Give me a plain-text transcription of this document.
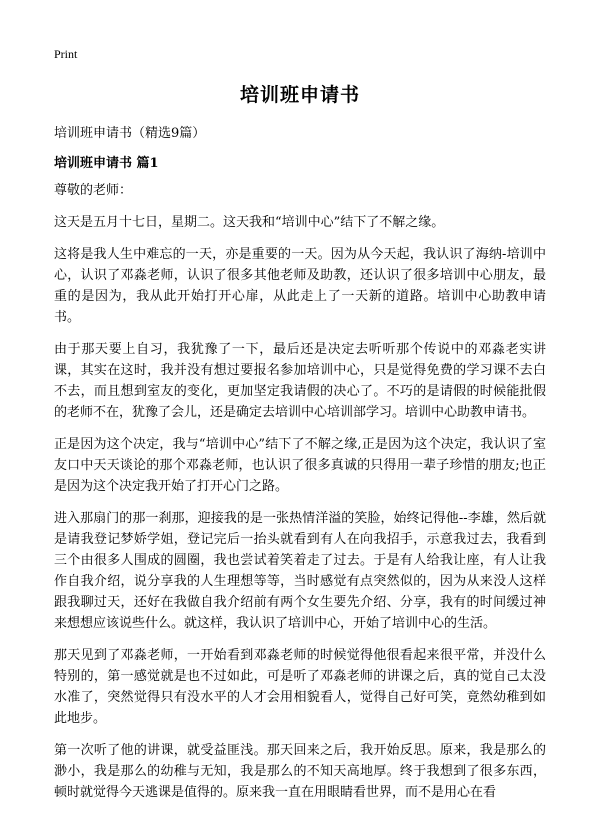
Print
培训班申请书
培训班申请书（精选9篇）
培训班申请书 篇1

尊敬的老师：

这天是五月十七日，星期二。这天我和“培训中心”结下了不解之缘。

这将是我人生中难忘的一天，亦是重要的一天。因为从今天起，我认识了海纳-培训中心，认识了邓淼老师，认识了很多其他老师及助教，还认识了很多培训中心朋友，最重的是因为，我从此开始打开心扉，从此走上了一天新的道路。培训中心助教申请书。

由于那天要上自习，我犹豫了一下，最后还是决定去听听那个传说中的邓淼老实讲课，其实在这时，我并没有想过要报名参加培训中心，只是觉得免费的学习课不去白不去，而且想到室友的变化，更加坚定我请假的决心了。不巧的是请假的时候能批假的老师不在，犹豫了会儿，还是确定去培训中心培训部学习。培训中心助教申请书。

正是因为这个决定，我与“培训中心”结下了不解之缘,正是因为这个决定，我认识了室友口中天天谈论的那个邓淼老师，也认识了很多真诚的只得用一辈子珍惜的朋友;也正是因为这个决定我开始了打开心门之路。

进入那扇门的那一刹那，迎接我的是一张热情洋溢的笑脸，始终记得他--李雄，然后就是请我登记梦娇学姐，登记完后一抬头就看到有人在向我招手，示意我过去，我看到三个由很多人围成的圆圈，我也尝试着笑着走了过去。于是有人给我让座，有人让我作自我介绍，说分享我的人生理想等等，当时感觉有点突然似的，因为从来没人这样跟我聊过天，还好在我做自我介绍前有两个女生要先介绍、分享，我有的时间缓过神来想想应该说些什么。就这样，我认识了培训中心，开始了培训中心的生活。

那天见到了邓淼老师，一开始看到邓淼老师的时候觉得他很看起来很平常，并没什么特别的，第一感觉就是也不过如此，可是听了邓淼老师的讲课之后，真的觉自己太没水准了，突然觉得只有没水平的人才会用相貌看人，觉得自己好可笑，竟然幼稚到如此地步。

第一次听了他的讲课，就受益匪浅。那天回来之后，我开始反思。原来，我是那么的渺小，我是那么的幼稚与无知，我是那么的不知天高地厚。终于我想到了很多东西，顿时就觉得今天逃课是值得的。原来我一直在用眼睛看世界，而不是用心在看
